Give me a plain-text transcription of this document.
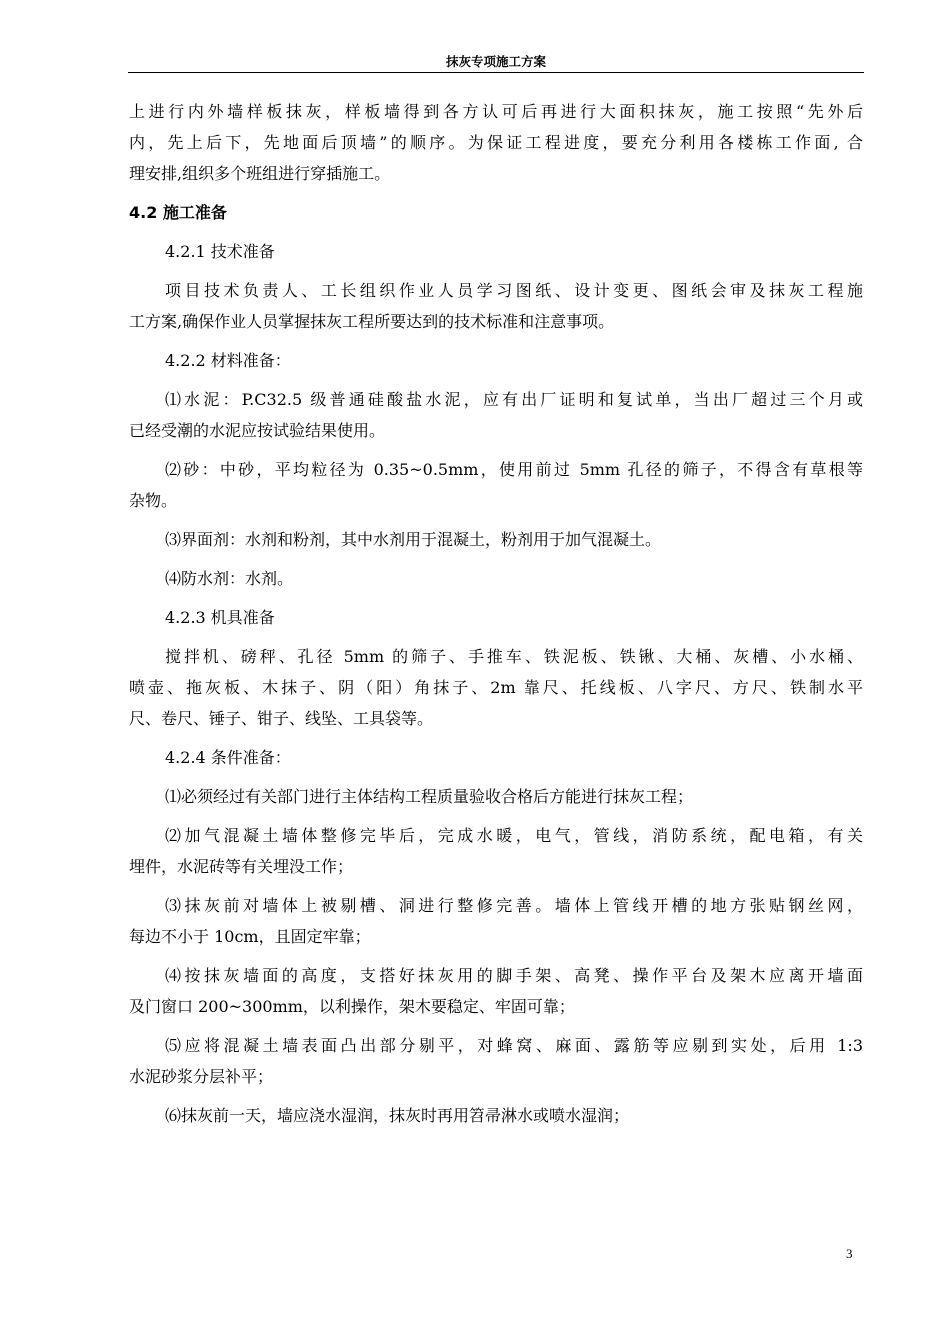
抹灰专项施工方案
上进行内外墙样板抹灰，样板墙得到各方认可后再进行大面积抹灰，施工按照“先外后
内，先上后下，先地面后顶墙”的顺序。为保证工程进度，要充分利用各楼栋工作面, 合
理安排,组织多个班组进行穿插施工。
4.2 施工准备
4.2.1 技术准备
项目技术负责人、工长组织作业人员学习图纸、设计变更、图纸会审及抹灰工程施
工方案,确保作业人员掌握抹灰工程所要达到的技术标准和注意事项。
4.2.2 材料准备：
⑴水泥：P.C32.5 级普通硅酸盐水泥，应有出厂证明和复试单，当出厂超过三个月或
已经受潮的水泥应按试验结果使用。
⑵砂：中砂，平均粒径为 0.35~0.5mm，使用前过 5mm 孔径的筛子，不得含有草根等
杂物。
⑶界面剂：水剂和粉剂，其中水剂用于混凝土，粉剂用于加气混凝土。
⑷防水剂：水剂。
4.2.3 机具准备
搅拌机、磅秤、孔径 5mm 的筛子、手推车、铁泥板、铁锹、大桶、灰槽、小水桶、
喷壶、拖灰板、木抹子、阴（阳）角抹子、2m 靠尺、托线板、八字尺、方尺、铁制水平
尺、卷尺、锤子、钳子、线坠、工具袋等。
4.2.4 条件准备：
⑴必须经过有关部门进行主体结构工程质量验收合格后方能进行抹灰工程；
⑵加气混凝土墙体整修完毕后，完成水暖，电气，管线，消防系统，配电箱，有关
埋件，水泥砖等有关埋没工作；
⑶抹灰前对墙体上被剔槽、洞进行整修完善。墙体上管线开槽的地方张贴钢丝网，
每边不小于 10cm，且固定牢靠；
⑷按抹灰墙面的高度，支搭好抹灰用的脚手架、高凳、操作平台及架木应离开墙面
及门窗口 200~300mm，以利操作，架木要稳定、牢固可靠；
⑸应将混凝土墙表面凸出部分剔平，对蜂窝、麻面、露筋等应剔到实处，后用 1:3
水泥砂浆分层补平；
⑹抹灰前一天，墙应浇水湿润，抹灰时再用笤帚淋水或喷水湿润；
3
